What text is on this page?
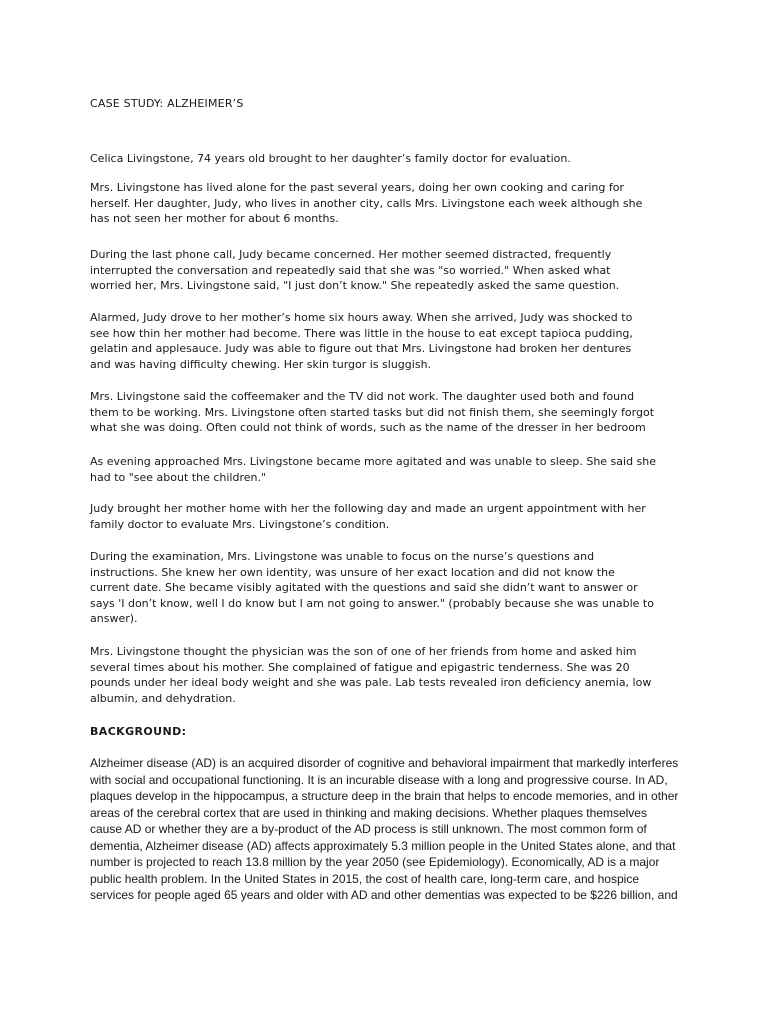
CASE STUDY: ALZHEIMER’S
Celica Livingstone, 74 years old brought to her daughter’s family doctor for evaluation.
Mrs. Livingstone has lived alone for the past several years, doing her own cooking and caring for
herself. Her daughter, Judy, who lives in another city, calls Mrs. Livingstone each week although she
has not seen her mother for about 6 months.
During the last phone call, Judy became concerned. Her mother seemed distracted, frequently
interrupted the conversation and repeatedly said that she was "so worried." When asked what
worried her, Mrs. Livingstone said, "I just don’t know." She repeatedly asked the same question.
Alarmed, Judy drove to her mother’s home six hours away. When she arrived, Judy was shocked to
see how thin her mother had become. There was little in the house to eat except tapioca pudding,
gelatin and applesauce. Judy was able to figure out that Mrs. Livingstone had broken her dentures
and was having difficulty chewing. Her skin turgor is sluggish.
Mrs. Livingstone said the coffeemaker and the TV did not work. The daughter used both and found
them to be working. Mrs. Livingstone often started tasks but did not finish them, she seemingly forgot
what she was doing. Often could not think of words, such as the name of the dresser in her bedroom
As evening approached Mrs. Livingstone became more agitated and was unable to sleep. She said she
had to "see about the children."
Judy brought her mother home with her the following day and made an urgent appointment with her
family doctor to evaluate Mrs. Livingstone’s condition.
During the examination, Mrs. Livingstone was unable to focus on the nurse’s questions and
instructions. She knew her own identity, was unsure of her exact location and did not know the
current date. She became visibly agitated with the questions and said she didn’t want to answer or
says 'I don’t know, well I do know but I am not going to answer." (probably because she was unable to
answer).
Mrs. Livingstone thought the physician was the son of one of her friends from home and asked him
several times about his mother. She complained of fatigue and epigastric tenderness. She was 20
pounds under her ideal body weight and she was pale. Lab tests revealed iron deficiency anemia, low
albumin, and dehydration.
BACKGROUND:
Alzheimer disease (AD) is an acquired disorder of cognitive and behavioral impairment that markedly interferes
with social and occupational functioning. It is an incurable disease with a long and progressive course. In AD,
plaques develop in the hippocampus, a structure deep in the brain that helps to encode memories, and in other
areas of the cerebral cortex that are used in thinking and making decisions. Whether plaques themselves
cause AD or whether they are a by-product of the AD process is still unknown. The most common form of
dementia, Alzheimer disease (AD) affects approximately 5.3 million people in the United States alone, and that
number is projected to reach 13.8 million by the year 2050 (see Epidemiology). Economically, AD is a major
public health problem. In the United States in 2015, the cost of health care, long-term care, and hospice
services for people aged 65 years and older with AD and other dementias was expected to be $226 billion, and
